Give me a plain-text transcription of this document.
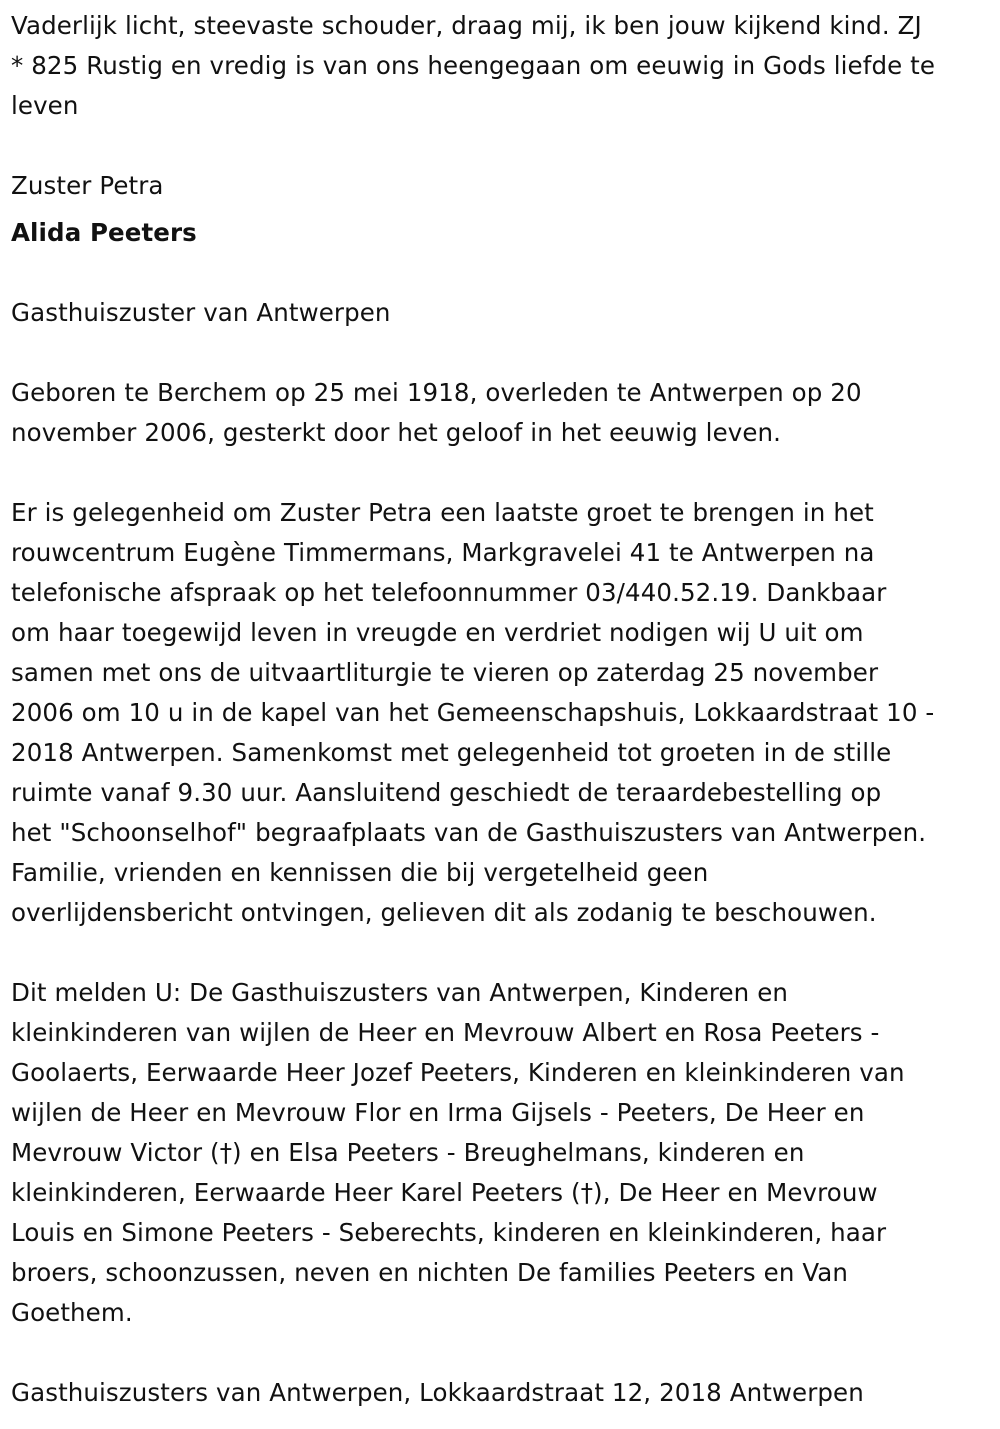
Vaderlijk licht, steevaste schouder, draag mij, ik ben jouw kijkend kind. ZJ
* 825 Rustig en vredig is van ons heengegaan om eeuwig in Gods liefde te
leven
Zuster Petra
Alida Peeters
Gasthuiszuster van Antwerpen
Geboren te Berchem op 25 mei 1918, overleden te Antwerpen op 20
november 2006, gesterkt door het geloof in het eeuwig leven.
Er is gelegenheid om Zuster Petra een laatste groet te brengen in het
rouwcentrum Eugène Timmermans, Markgravelei 41 te Antwerpen na
telefonische afspraak op het telefoonnummer 03/440.52.19. Dankbaar
om haar toegewijd leven in vreugde en verdriet nodigen wij U uit om
samen met ons de uitvaartliturgie te vieren op zaterdag 25 november
2006 om 10 u in de kapel van het Gemeenschapshuis, Lokkaardstraat 10 -
2018 Antwerpen. Samenkomst met gelegenheid tot groeten in de stille
ruimte vanaf 9.30 uur. Aansluitend geschiedt de teraardebestelling op
het "Schoonselhof" begraafplaats van de Gasthuiszusters van Antwerpen.
Familie, vrienden en kennissen die bij vergetelheid geen
overlijdensbericht ontvingen, gelieven dit als zodanig te beschouwen.
Dit melden U: De Gasthuiszusters van Antwerpen, Kinderen en
kleinkinderen van wijlen de Heer en Mevrouw Albert en Rosa Peeters -
Goolaerts, Eerwaarde Heer Jozef Peeters, Kinderen en kleinkinderen van
wijlen de Heer en Mevrouw Flor en Irma Gijsels - Peeters, De Heer en
Mevrouw Victor (†) en Elsa Peeters - Breughelmans, kinderen en
kleinkinderen, Eerwaarde Heer Karel Peeters (†), De Heer en Mevrouw
Louis en Simone Peeters - Seberechts, kinderen en kleinkinderen, haar
broers, schoonzussen, neven en nichten De families Peeters en Van
Goethem.
Gasthuiszusters van Antwerpen, Lokkaardstraat 12, 2018 Antwerpen
